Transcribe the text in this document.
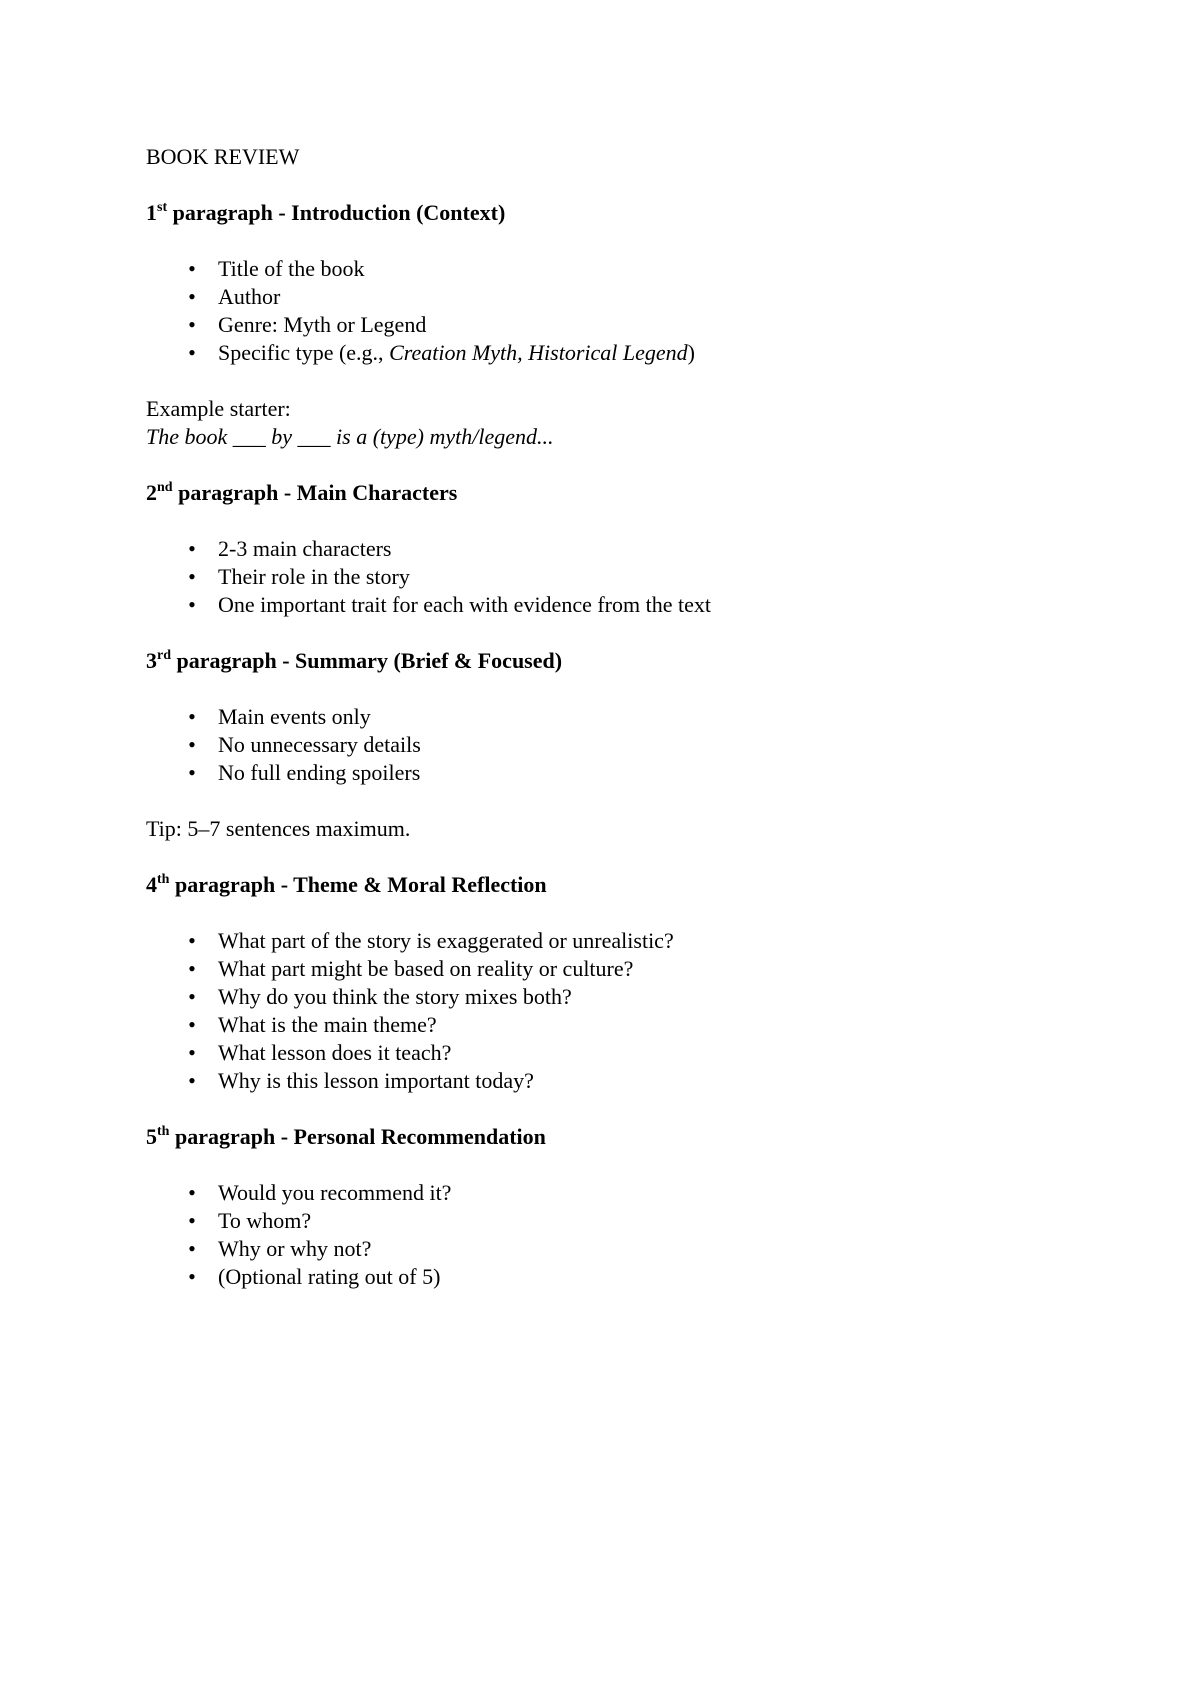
BOOK REVIEW

1st paragraph - Introduction (Context)

• Title of the book
• Author
• Genre: Myth or Legend
• Specific type (e.g., Creation Myth, Historical Legend)

Example starter:

The book ___ by ___ is a (type) myth/legend...

2nd paragraph - Main Characters

• 2-3 main characters
• Their role in the story
• One important trait for each with evidence from the text

3rd paragraph - Summary (Brief & Focused)

• Main events only
• No unnecessary details
• No full ending spoilers

Tip: 5–7 sentences maximum.

4th paragraph - Theme & Moral Reflection

• What part of the story is exaggerated or unrealistic?
• What part might be based on reality or culture?
• Why do you think the story mixes both?
• What is the main theme?
• What lesson does it teach?
• Why is this lesson important today?

5th paragraph - Personal Recommendation

• Would you recommend it?
• To whom?
• Why or why not?
• (Optional rating out of 5)
